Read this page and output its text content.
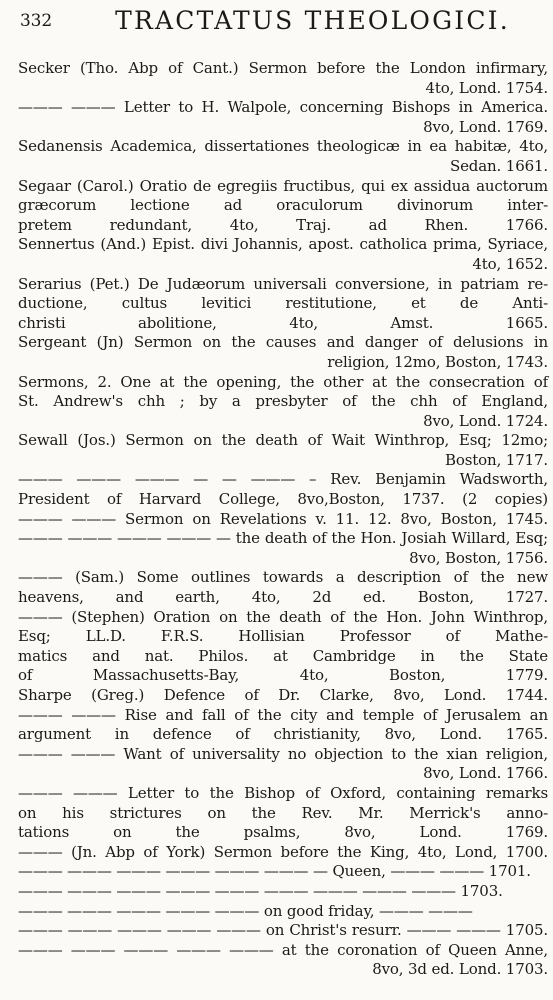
332	TRACTATUS THEOLOGICI.
Secker (Tho. Abp of Cant.) Sermon before the London infirmary,
4to, Lond. 1754.
——— ——— Letter to H. Walpole, concerning Bishops in America.
8vo, Lond. 1769.
Sedanensis Academica, dissertationes theologicæ in ea habitæ, 4to,
Sedan. 1661.
Segaar (Carol.) Oratio de egregiis fructibus, qui ex assidua auctorum
græcorum lectione ad oraculorum divinorum inter-
pretem redundant, 4to, Traj. ad Rhen. 1766.
Sennertus (And.) Epist. divi Johannis, apost. catholica prima, Syriace,
4to, 1652.
Serarius (Pet.) De Judæorum universali conversione, in patriam re-
ductione, cultus levitici restitutione, et de Anti-
christi abolitione, 4to, Amst. 1665.
Sergeant (Jn) Sermon on the causes and danger of delusions in
religion, 12mo, Boston, 1743.
Sermons, 2. One at the opening, the other at the consecration of
St. Andrew's chh ; by a presbyter of the chh of England,
8vo, Lond. 1724.
Sewall (Jos.) Sermon on the death of Wait Winthrop, Esq; 12mo;
Boston, 1717.
——— ——— ——— — — ——— – Rev. Benjamin Wadsworth,
President of Harvard College, 8vo,Boston, 1737. (2 copies)
——— ——— Sermon on Revelations v. 11. 12. 8vo, Boston, 1745.
——— ——— ——— ——— — the death of the Hon. Josiah Willard, Esq;
8vo, Boston, 1756.
——— (Sam.) Some outlines towards a description of the new
heavens, and earth, 4to, 2d ed. Boston, 1727.
——— (Stephen) Oration on the death of the Hon. John Winthrop,
Esq; LL.D. F.R.S. Hollisian Professor of Mathe-
matics and nat. Philos. at Cambridge in the State
of Massachusetts-Bay, 4to, Boston, 1779.
Sharpe (Greg.) Defence of Dr. Clarke, 8vo, Lond. 1744.
——— ——— Rise and fall of the city and temple of Jerusalem an
argument in defence of christianity, 8vo, Lond. 1765.
——— ——— Want of universality no objection to the xian religion,
8vo, Lond. 1766.
——— ——— Letter to the Bishop of Oxford, containing remarks
on his strictures on the Rev. Mr. Merrick's anno-
tations on the psalms, 8vo, Lond. 1769.
——— (Jn. Abp of York) Sermon before the King, 4to, Lond, 1700.
——— ——— ——— ——— ——— ——— — Queen, ——— ——— 1701.
——— ——— ——— ——— ——— ——— ——— ——— ——— 1703.
——— ——— ——— ——— ——— on good friday, ——— ———
——— ——— ——— ——— ——— on Christ's resurr. ——— ——— 1705.
——— ——— ——— ——— ——— at the coronation of Queen Anne,
8vo, 3d ed. Lond. 1703.
